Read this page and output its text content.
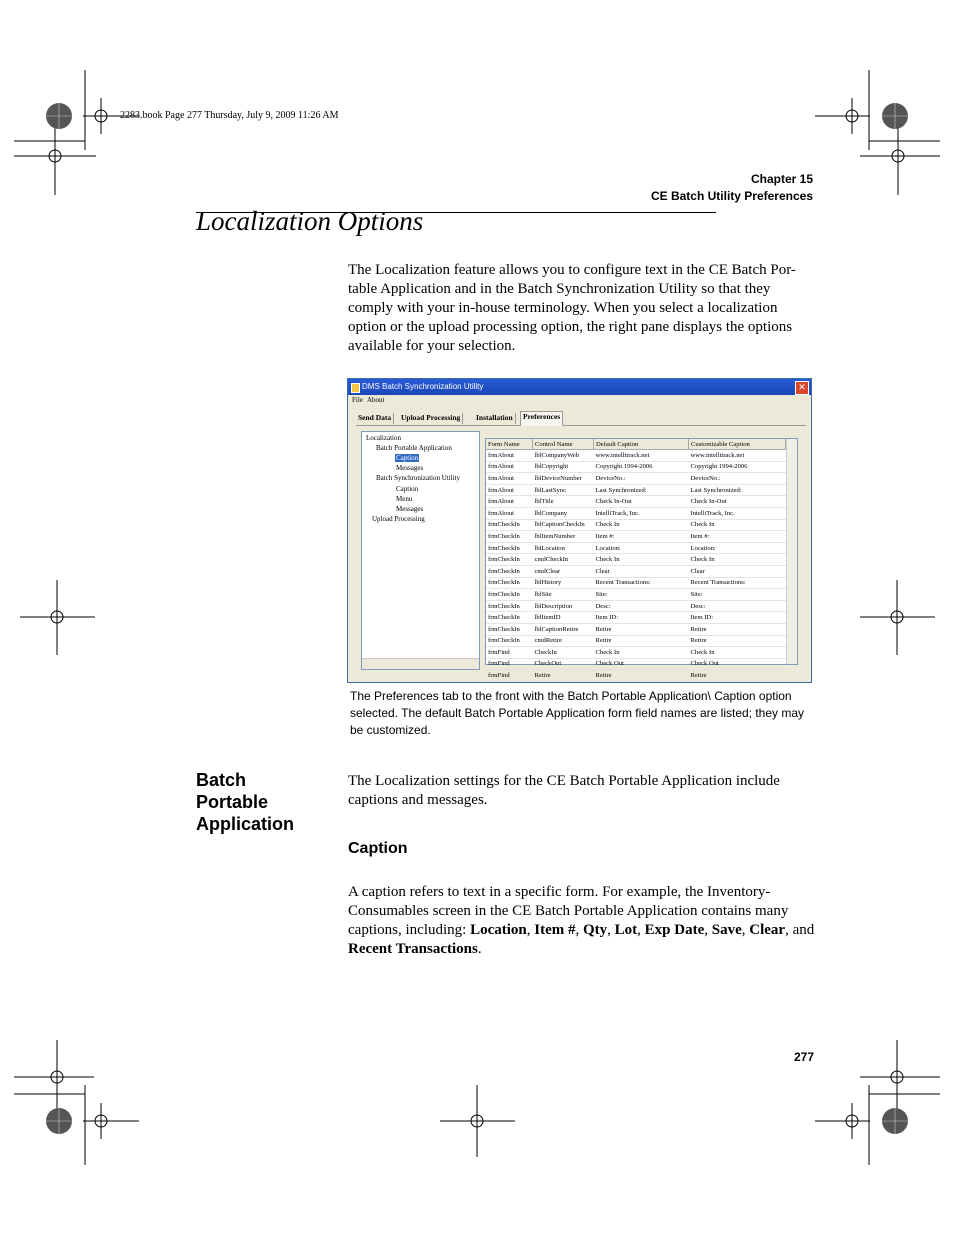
2283.book Page 277 Thursday, July 9, 2009 11:26 AM
Chapter 15
CE Batch Utility Preferences
Localization Options
The Localization feature allows you to configure text in the CE Batch Por- table Application and in the Batch Synchronization Utility so that they comply with your in-house terminology. When you select a localization option or the upload processing option, the right pane displays the options available for your selection.
DMS Batch Synchronization Utility	✕
File About
Send Data	Upload Processing	Installation	Preferences
Localization
Batch Portable Application
Caption
Messages
Batch Synchronization Utility
Caption
Menu
Messages
Upload Processing
Form Name	Control Name	Default Caption	Customizable Caption
frmAbout	lblCompanyWeb	www.intellitrack.net	www.intellitrack.net
frmAbout	lblCopyright	Copyright 1994-2006	Copyright 1994-2006
frmAbout	lblDeviceNumber	DeviceNo.:	DeviceNo.:
frmAbout	lblLastSync	Last Synchronized:	Last Synchronized:
frmAbout	lblTitle	Check In-Out	Check In-Out
frmAbout	lblCompany	IntelliTrack, Inc.	IntelliTrack, Inc.
frmCheckIn	lblCaptionCheckIn	Check In	Check In
frmCheckIn	lblItemNumber	Item #:	Item #:
frmCheckIn	lblLocation	Location:	Location:
frmCheckIn	cmdCheckIn	Check In	Check In
frmCheckIn	cmdClear	Clear	Clear
frmCheckIn	lblHistory	Recent Transactions:	Recent Transactions:
frmCheckIn	lblSite	Site:	Site:
frmCheckIn	lblDescription	Desc:	Desc:
frmCheckIn	lblItemID	Item ID:	Item ID:
frmCheckIn	lblCaptionRetire	Retire	Retire
frmCheckIn	cmdRetire	Retire	Retire
frmFind	CheckIn	Check In	Check In
frmFind	CheckOut	Check Out	Check Out
frmFind	Retire	Retire	Retire
The Preferences tab to the front with the Batch Portable Application\ Caption option selected. The default Batch Portable Application form field names are listed; they may be customized.
Batch
Portable
Application
The Localization settings for the CE Batch Portable Application include captions and messages.
Caption
A caption refers to text in a specific form. For example, the Inventory-Consumables screen in the CE Batch Portable Application contains many captions, including: Location, Item #, Qty, Lot, Exp Date, Save, Clear, and Recent Transactions.
277
